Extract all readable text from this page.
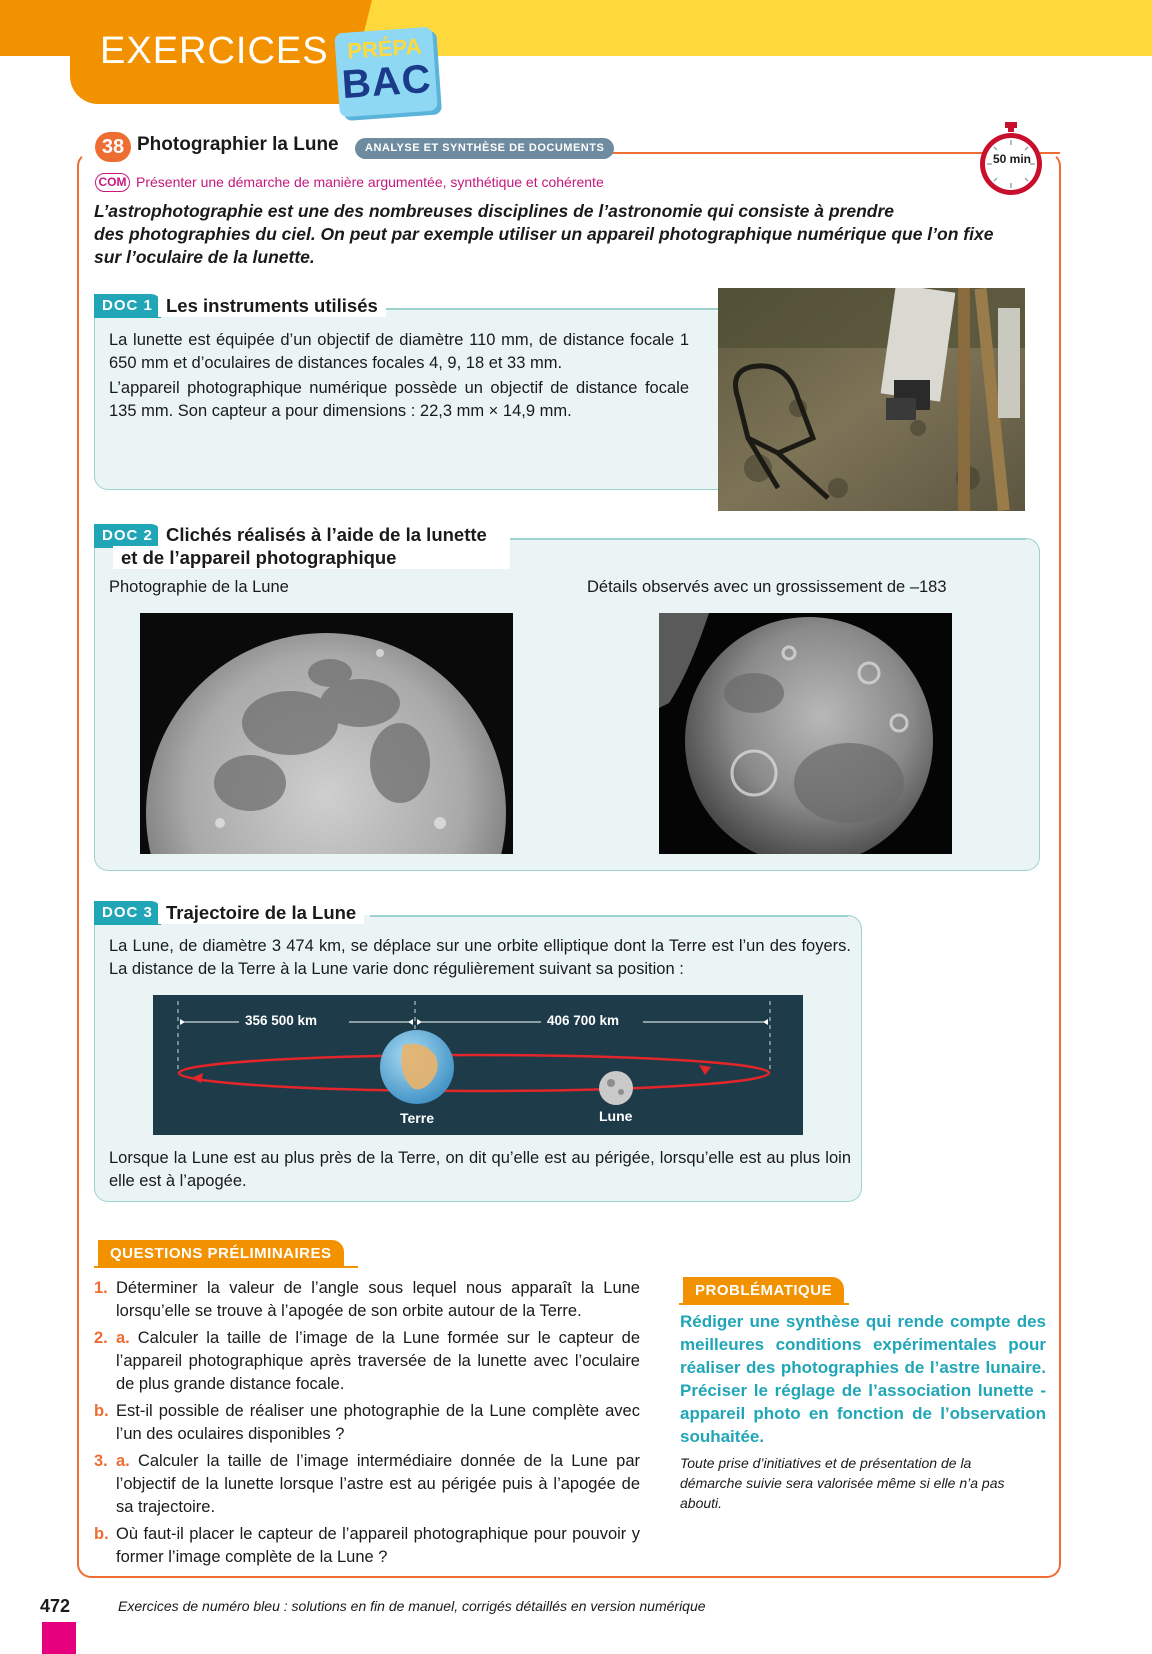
EXERCICES PRÉPA
BAC
38 Photographier la Lune	ANALYSE ET SYNTHÈSE DE DOCUMENTS
50 min
COM Présenter une démarche de manière argumentée, synthétique et cohérente
L’astrophotographie est une des nombreuses disciplines de l’astronomie qui consiste à prendre
des photographies du ciel. On peut par exemple utiliser un appareil photographique numérique que l’on fixe
sur l’oculaire de la lunette.
DOC 1 Les instruments utilisés
La lunette est équipée d’un objectif de diamètre 110 mm, de distance focale 1 650 mm et d’oculaires de distances focales 4, 9, 18 et 33 mm.
L’appareil photographique numérique possède un objectif de distance focale 135 mm. Son capteur a pour dimensions : 22,3 mm × 14,9 mm.
DOC 2 Clichés réalisés à l’aide de la lunette
et de l’appareil photographique
Photographie de la Lune	Détails observés avec un grossissement de –183
DOC 3 Trajectoire de la Lune
La Lune, de diamètre 3 474 km, se déplace sur une orbite elliptique dont la Terre est l’un des foyers. La distance de la Terre à la Lune varie donc régulièrement suivant sa position :
356 500 km	406 700 km
Terre	Lune
Lorsque la Lune est au plus près de la Terre, on dit qu’elle est au périgée, lorsqu’elle est au plus loin elle est à l’apogée.
QUESTIONS PRÉLIMINAIRES
1. Déterminer la valeur de l’angle sous lequel nous apparaît la Lune lorsqu’elle se trouve à l’apogée de son orbite autour de la Terre.
2. a. Calculer la taille de l’image de la Lune formée sur le capteur de l’appareil photographique après traversée de la lunette avec l’oculaire de plus grande distance focale.
b. Est-il possible de réaliser une photographie de la Lune complète avec l’un des oculaires disponibles ?
3. a. Calculer la taille de l’image intermédiaire donnée de la Lune par l’objectif de la lunette lorsque l’astre est au périgée puis à l’apogée de sa trajectoire.
b. Où faut-il placer le capteur de l’appareil photographique pour pouvoir y former l’image complète de la Lune ?
PROBLÉMATIQUE
Rédiger une synthèse qui rende compte des meilleures conditions expérimentales pour réaliser des photographies de l’astre lunaire. Préciser le réglage de l’association lunette - appareil photo en fonction de l’observation souhaitée.
Toute prise d’initiatives et de présentation de la démarche suivie sera valorisée même si elle n’a pas abouti.
472	Exercices de numéro bleu : solutions en fin de manuel, corrigés détaillés en version numérique
